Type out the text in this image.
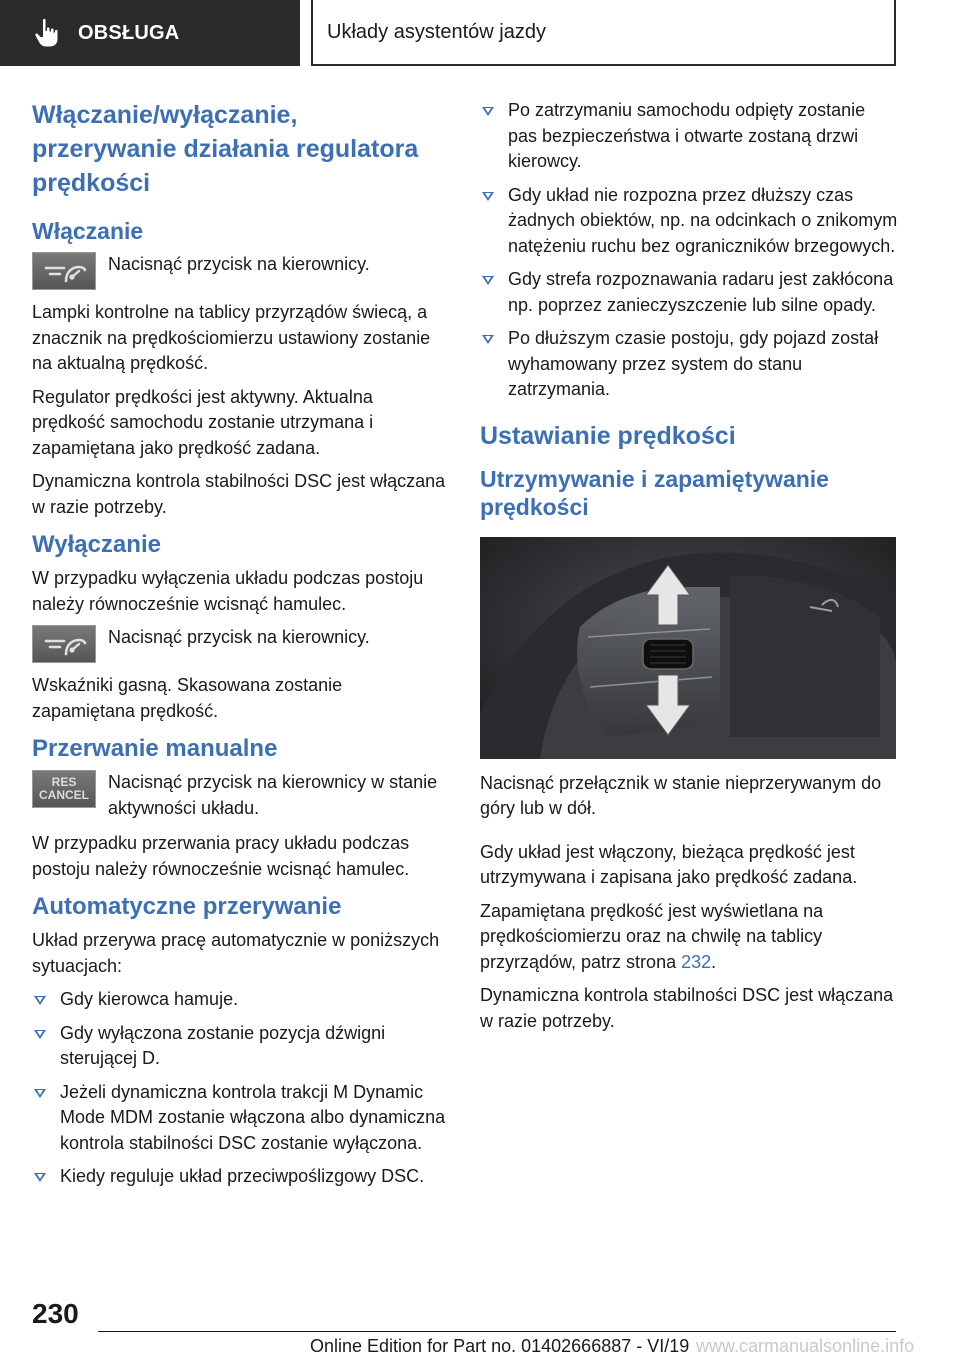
OBSŁUGA	Układy asystentów jazdy
Włączanie/wyłączanie, przerywanie działania regulatora prędkości
Włączanie

Nacisnąć przycisk na kierownicy.

Lampki kontrolne na tablicy przyrządów świecą, a znacznik na prędkościomierzu ustawiony zostanie na aktualną prędkość.

Regulator prędkości jest aktywny. Aktualna prędkość samochodu zostanie utrzymana i zapamiętana jako prędkość zadana.

Dynamiczna kontrola stabilności DSC jest włączana w razie potrzeby.

Wyłączanie

W przypadku wyłączenia układu podczas postoju należy równocześnie wcisnąć hamulec.

Nacisnąć przycisk na kierownicy.

Wskaźniki gasną. Skasowana zostanie zapamiętana prędkość.

Przerwanie manualne
RES
CANCEL

Nacisnąć przycisk na kierownicy w stanie aktywności układu.

W przypadku przerwania pracy układu podczas postoju należy równocześnie wcisnąć hamulec.

Automatyczne przerywanie

Układ przerywa pracę automatycznie w poniższych sytuacjach:

Gdy kierowca hamuje.
Gdy wyłączona zostanie pozycja dźwigni sterującej D.
Jeżeli dynamiczna kontrola trakcji M Dynamic Mode MDM zostanie włączona albo dynamiczna kontrola stabilności DSC zostanie wyłączona.
Kiedy reguluje układ przeciwpoślizgowy DSC.
Po zatrzymaniu samochodu odpięty zostanie pas bezpieczeństwa i otwarte zostaną drzwi kierowcy.
Gdy układ nie rozpozna przez dłuższy czas żadnych obiektów, np. na odcinkach o znikomym natężeniu ruchu bez ograniczników brzegowych.
Gdy strefa rozpoznawania radaru jest zakłócona np. poprzez zanieczyszczenie lub silne opady.
Po dłuższym czasie postoju, gdy pojazd został wyhamowany przez system do stanu zatrzymania.
Ustawianie prędkości
Utrzymywanie i zapamiętywanie prędkości

Nacisnąć przełącznik w stanie nieprzerywanym do góry lub w dół.

Gdy układ jest włączony, bieżąca prędkość jest utrzymywana i zapisana jako prędkość zadana.

Zapamiętana prędkość jest wyświetlana na prędkościomierzu oraz na chwilę na tablicy przyrządów, patrz strona 232.

Dynamiczna kontrola stabilności DSC jest włączana w razie potrzeby.

230
Online Edition for Part no. 01402666887 - VI/19 www.carmanualsonline.info
